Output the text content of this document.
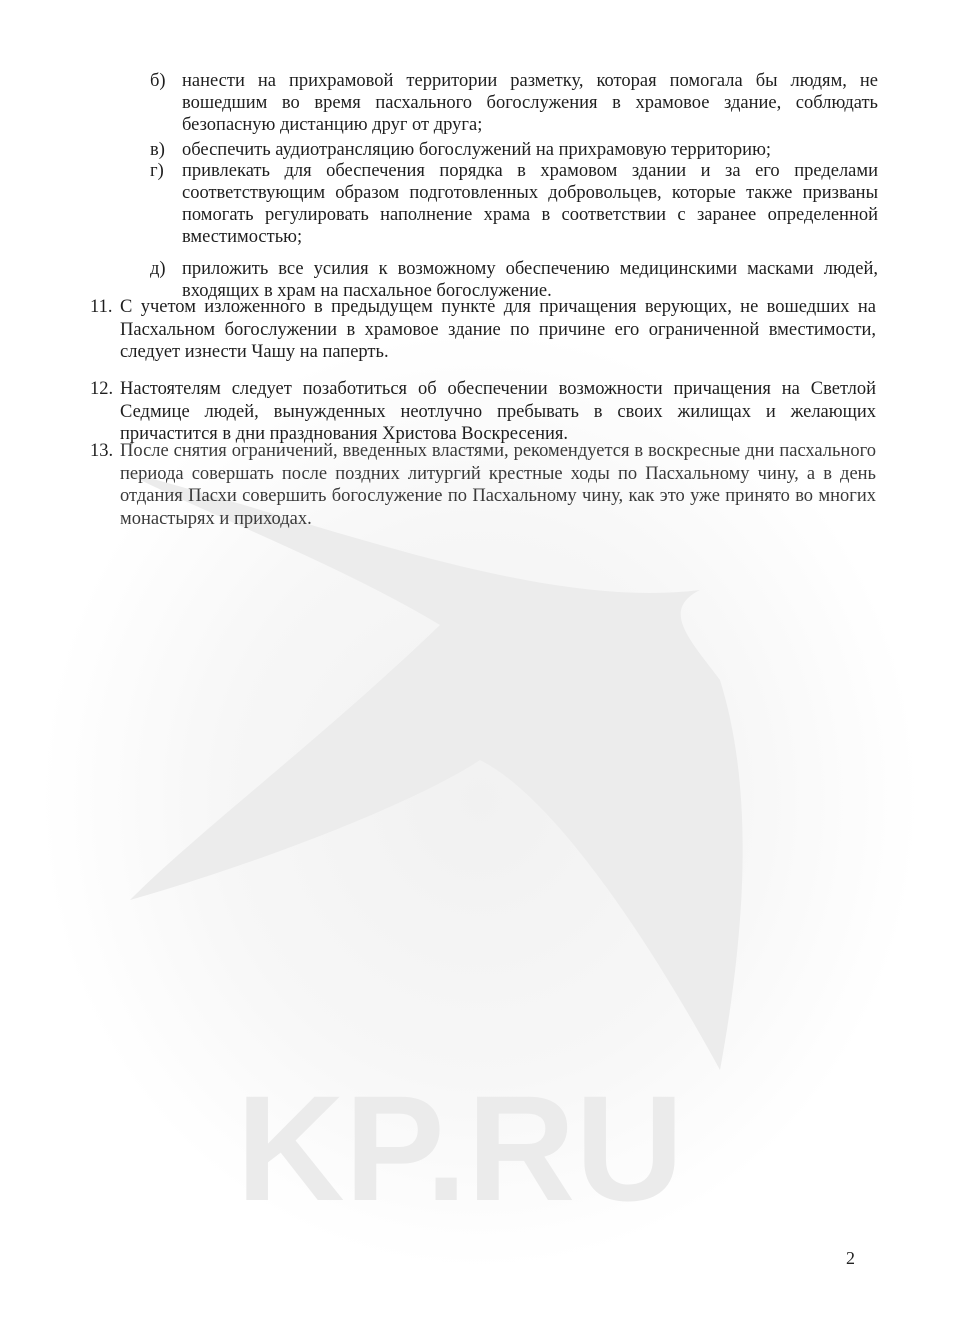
KP.RU
б) нанести на прихрамовой территории разметку, которая помогала бы людям, не вошедшим во время пасхального богослужения в храмовое здание, соблюдать безопасную дистанцию друг от друга;
в) обеспечить аудиотрансляцию богослужений на прихрамовую территорию;
г) привлекать для обеспечения порядка в храмовом здании и за его пределами соответствующим образом подготовленных добровольцев, которые также призваны помогать регулировать наполнение храма в соответствии с заранее определенной вместимостью;
д) приложить все усилия к возможному обеспечению медицинскими масками людей, входящих в храм на пасхальное богослужение.
11. С учетом изложенного в предыдущем пункте для причащения верующих, не вошедших на Пасхальном богослужении в храмовое здание по причине его ограниченной вместимости, следует изнести Чашу на паперть.
12. Настоятелям следует позаботиться об обеспечении возможности причащения на Светлой Седмице людей, вынужденных неотлучно пребывать в своих жилищах и желающих причастится в дни празднования Христова Воскресения.
13. После снятия ограничений, введенных властями, рекомендуется в воскресные дни пасхального периода совершать после поздних литургий крестные ходы по Пасхальному чину, а в день отдания Пасхи совершить богослужение по Пасхальному чину, как это уже принято во многих монастырях и приходах.
2
